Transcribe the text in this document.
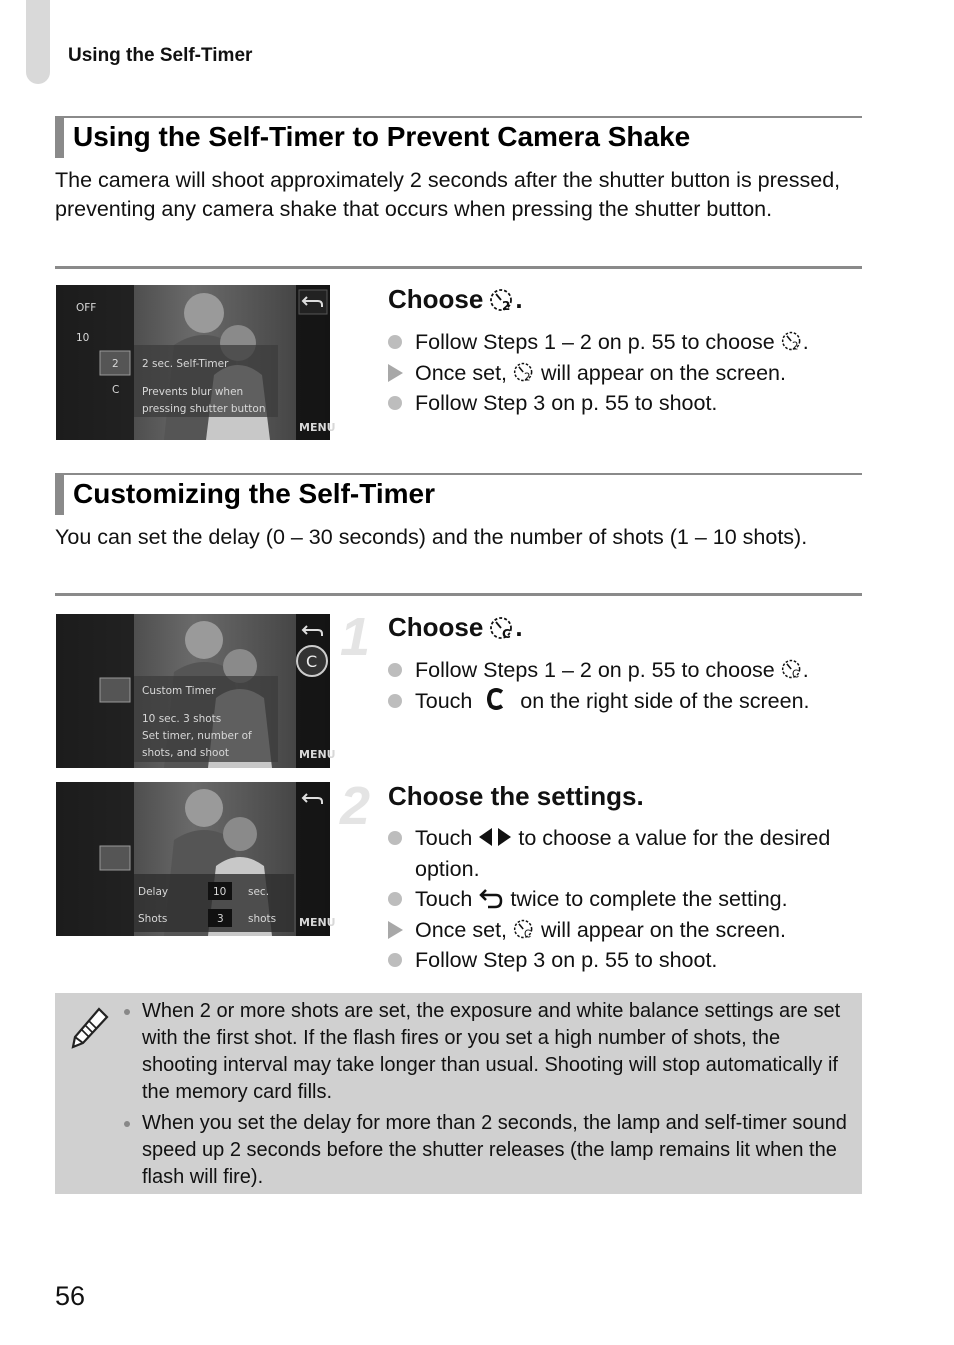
Using the Self-Timer
Using the Self-Timer to Prevent Camera Shake
The camera will shoot approximately 2 seconds after the shutter button is pressed, preventing any camera shake that occurs when pressing the shutter button.
OFF
10
2
C
2 sec. Self-Timer
Prevents blur when
pressing shutter button
MENU
Choose 2 .
Follow Steps 1 – 2 on p. 55 to choose 2 .
Once set, 2 will appear on the screen.
Follow Step 3 on p. 55 to shoot.
Customizing the Self-Timer
You can set the delay (0 – 30 seconds) and the number of shots (1 – 10 shots).
C
Custom Timer
10 sec. 3 shots
Set timer, number of
shots, and shoot	MENU
1 Choose C .
Follow Steps 1 – 2 on p. 55 to choose C .
Touch on the right side of the screen.
Delay	10 sec.
Shots	3 shots MENU
2 Choose the settings.
Touch to choose a value for the desired option.
Touch twice to complete the setting.
Once set, C will appear on the screen.
Follow Step 3 on p. 55 to shoot.
When 2 or more shots are set, the exposure and white balance settings are set with the first shot. If the flash fires or you set a high number of shots, the shooting interval may take longer than usual. Shooting will stop automatically if the memory card fills.
When you set the delay for more than 2 seconds, the lamp and self-timer sound speed up 2 seconds before the shutter releases (the lamp remains lit when the flash will fire).
56
